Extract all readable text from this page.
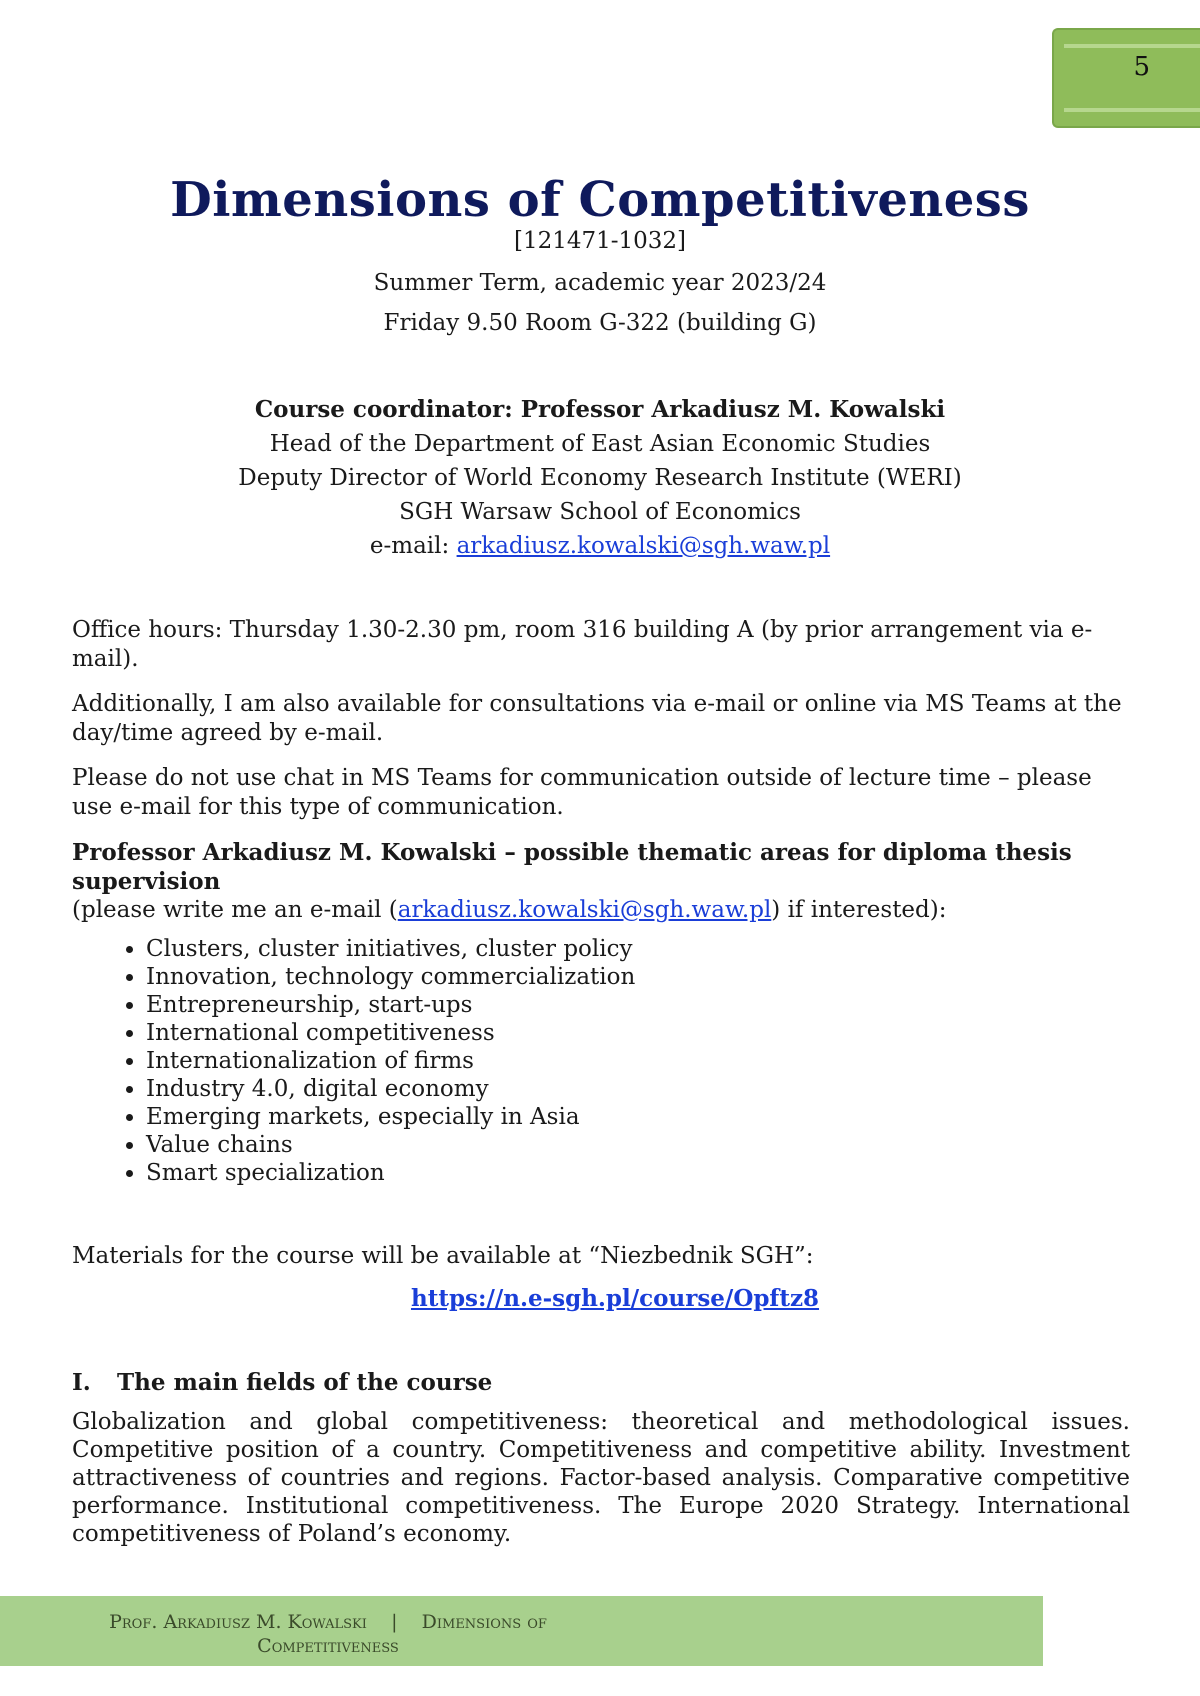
5
Dimensions of Competitiveness
[121471-1032]
Summer Term, academic year 2023/24
Friday 9.50 Room G-322 (building G)
Course coordinator: Professor Arkadiusz M. Kowalski
Head of the Department of East Asian Economic Studies
Deputy Director of World Economy Research Institute (WERI)
SGH Warsaw School of Economics
e-mail: arkadiusz.kowalski@sgh.waw.pl
Office hours: Thursday 1.30-2.30 pm, room 316 building A (by prior arrangement via e-mail).
Additionally, I am also available for consultations via e-mail or online via MS Teams at the day/time agreed by e-mail.
Please do not use chat in MS Teams for communication outside of lecture time – please use e-mail for this type of communication.
Professor Arkadiusz M. Kowalski – possible thematic areas for diploma thesis supervision
(please write me an e-mail (arkadiusz.kowalski@sgh.waw.pl) if interested):
• Clusters, cluster initiatives, cluster policy
• Innovation, technology commercialization
• Entrepreneurship, start-ups
• International competitiveness
• Internationalization of firms
• Industry 4.0, digital economy
• Emerging markets, especially in Asia
• Value chains
• Smart specialization
Materials for the course will be available at “Niezbednik SGH”:
https://n.e-sgh.pl/course/Opftz8
I. The main fields of the course
Globalization and global competitiveness: theoretical and methodological issues. Competitive position of a country. Competitiveness and competitive ability. Investment attractiveness of countries and regions. Factor-based analysis. Comparative competitive performance. Institutional competitiveness. The Europe 2020 Strategy. International competitiveness of Poland’s economy.
Prof. Arkadiusz M. Kowalski | Dimensions of Competitiveness
